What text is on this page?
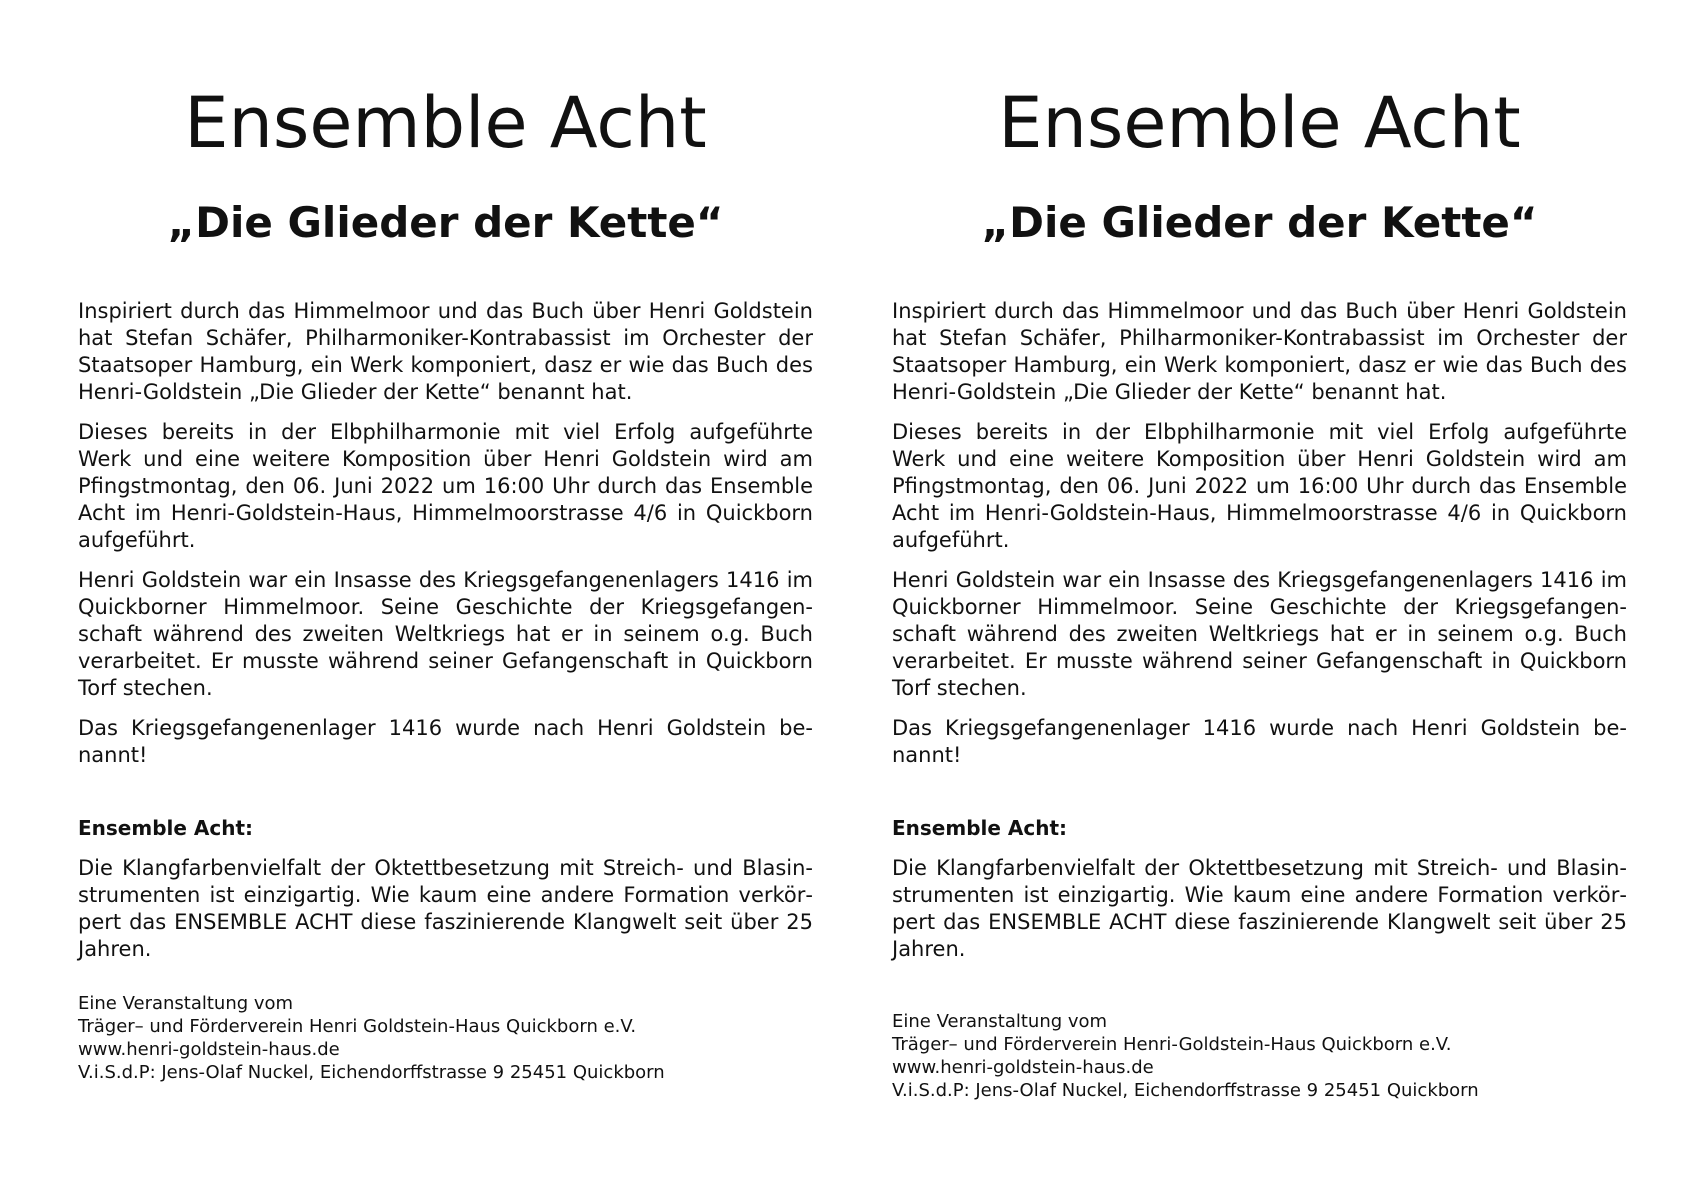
Ensemble Acht
„Die Glieder der Kette“

Inspiriert durch das Himmelmoor und das Buch über Henri Goldstein hat Stefan Schäfer, Philharmoniker-Kontrabassist im Orchester der Staatsoper Hamburg, ein Werk komponiert, dasz er wie das Buch des Henri-Goldstein „Die Glieder der Kette“ benannt hat.

Dieses bereits in der Elbphilharmonie mit viel Erfolg aufgeführte Werk und eine weitere Komposition über Henri Goldstein wird am Pfingstmontag, den 06. Juni 2022 um 16:00 Uhr durch das Ensemble Acht im Henri-Goldstein-Haus, Himmelmoorstrasse 4/6 in Quickborn aufgeführt.

Henri Goldstein war ein Insasse des Kriegsgefangenenlagers 1416 im Quickborner Himmelmoor. Seine Geschichte der Kriegsgefangenschaft während des zweiten Weltkriegs hat er in seinem o.g. Buch verarbeitet. Er musste während seiner Gefangenschaft in Quickborn Torf stechen.

Das Kriegsgefangenenlager 1416 wurde nach Henri Goldstein benannt!

Ensemble Acht:

Die Klangfarbenvielfalt der Oktettbesetzung mit Streich- und Blasinstrumenten ist einzigartig. Wie kaum eine andere Formation verkörpert das ENSEMBLE ACHT diese faszinierende Klangwelt seit über 25 Jahren.

Eine Veranstaltung vom
Träger– und Förderverein Henri Goldstein-Haus Quickborn e.V.
www.henri-goldstein-haus.de
V.i.S.d.P: Jens-Olaf Nuckel, Eichendorffstrasse 9 25451 Quickborn
Ensemble Acht
„Die Glieder der Kette“

Inspiriert durch das Himmelmoor und das Buch über Henri Goldstein hat Stefan Schäfer, Philharmoniker-Kontrabassist im Orchester der Staatsoper Hamburg, ein Werk komponiert, dasz er wie das Buch des Henri-Goldstein „Die Glieder der Kette“ benannt hat.

Dieses bereits in der Elbphilharmonie mit viel Erfolg aufgeführte Werk und eine weitere Komposition über Henri Goldstein wird am Pfingstmontag, den 06. Juni 2022 um 16:00 Uhr durch das Ensemble Acht im Henri-Goldstein-Haus, Himmelmoorstrasse 4/6 in Quickborn aufgeführt.

Henri Goldstein war ein Insasse des Kriegsgefangenenlagers 1416 im Quickborner Himmelmoor. Seine Geschichte der Kriegsgefangenschaft während des zweiten Weltkriegs hat er in seinem o.g. Buch verarbeitet. Er musste während seiner Gefangenschaft in Quickborn Torf stechen.

Das Kriegsgefangenenlager 1416 wurde nach Henri Goldstein benannt!

Ensemble Acht:

Die Klangfarbenvielfalt der Oktettbesetzung mit Streich- und Blasinstrumenten ist einzigartig. Wie kaum eine andere Formation verkörpert das ENSEMBLE ACHT diese faszinierende Klangwelt seit über 25 Jahren.

Eine Veranstaltung vom
Träger– und Förderverein Henri-Goldstein-Haus Quickborn e.V.
www.henri-goldstein-haus.de
V.i.S.d.P: Jens-Olaf Nuckel, Eichendorffstrasse 9 25451 Quickborn
